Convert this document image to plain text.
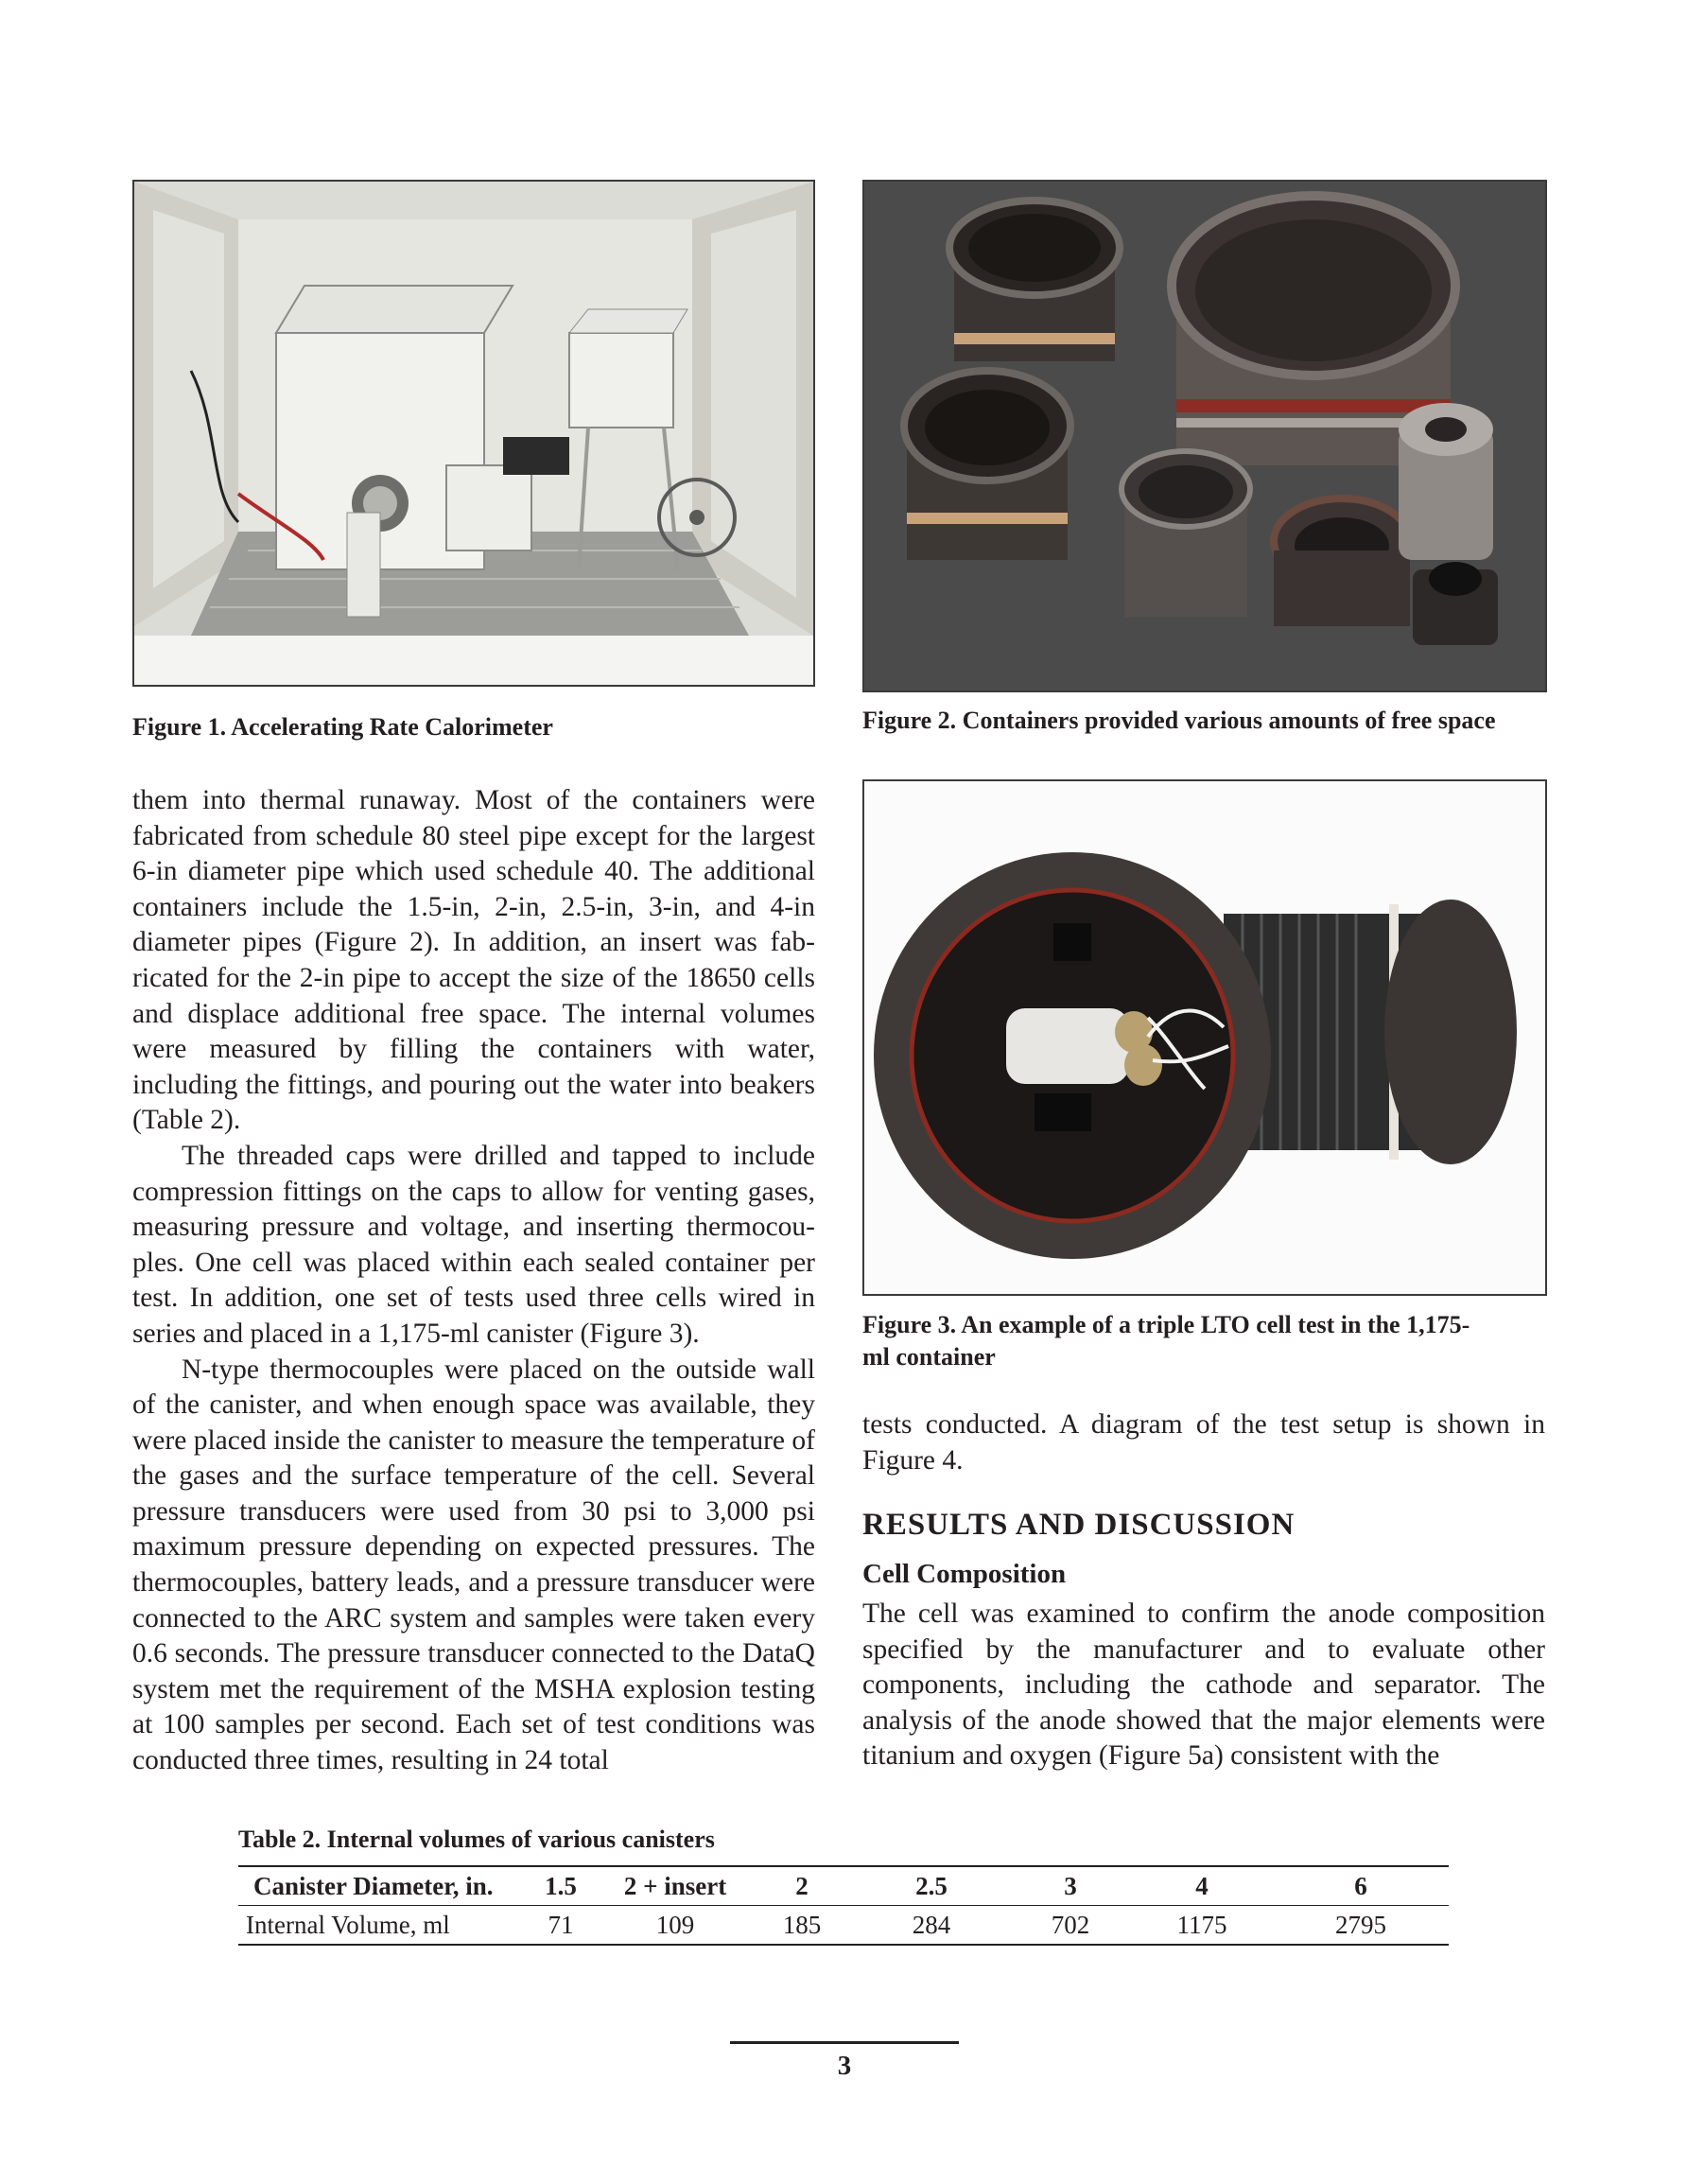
Figure 1. Accelerating Rate Calorimeter	Figure 2. Containers provided various amounts of free space
Figure 3. An example of a triple LTO cell test in the 1,175-
ml container

them into thermal runaway. Most of the containers were fabricated from schedule 80 steel pipe except for the largest 6-in diameter pipe which used schedule 40. The additional containers include the 1.5-in, 2-in, 2.5-in, 3-in, and 4-in diameter pipes (Figure 2). In addition, an insert was fabricated for the 2-in pipe to accept the size of the 18650 cells and displace additional free space. The internal volumes were measured by filling the containers with water, including the fittings, and pouring out the water into beakers (Table 2).

The threaded caps were drilled and tapped to include compression fittings on the caps to allow for venting gases, measuring pressure and voltage, and inserting thermocouples. One cell was placed within each sealed container per test. In addition, one set of tests used three cells wired in series and placed in a 1,175-ml canister (Figure 3).

N-type thermocouples were placed on the outside wall of the canister, and when enough space was available, they were placed inside the canister to measure the temperature of the gases and the surface temperature of the cell. Several pressure transducers were used from 30 psi to 3,000 psi maximum pressure depending on expected pressures. The thermocouples, battery leads, and a pressure transducer were connected to the ARC system and samples were taken every 0.6 seconds. The pressure transducer connected to the DataQ system met the requirement of the MSHA explosion testing at 100 samples per second. Each set of test conditions was conducted three times, resulting in 24 total

tests conducted. A diagram of the test setup is shown in Figure 4.

RESULTS AND DISCUSSION
Cell Composition

The cell was examined to confirm the anode composition specified by the manufacturer and to evaluate other components, including the cathode and separator. The analysis of the anode showed that the major elements were titanium and oxygen (Figure 5a) consistent with the

Table 2. Internal volumes of various canisters
Canister Diameter, in.	1.5	2 + insert	2	2.5	3	4	6
Internal Volume, ml	71	109	185	284	702	1175	2795
3
